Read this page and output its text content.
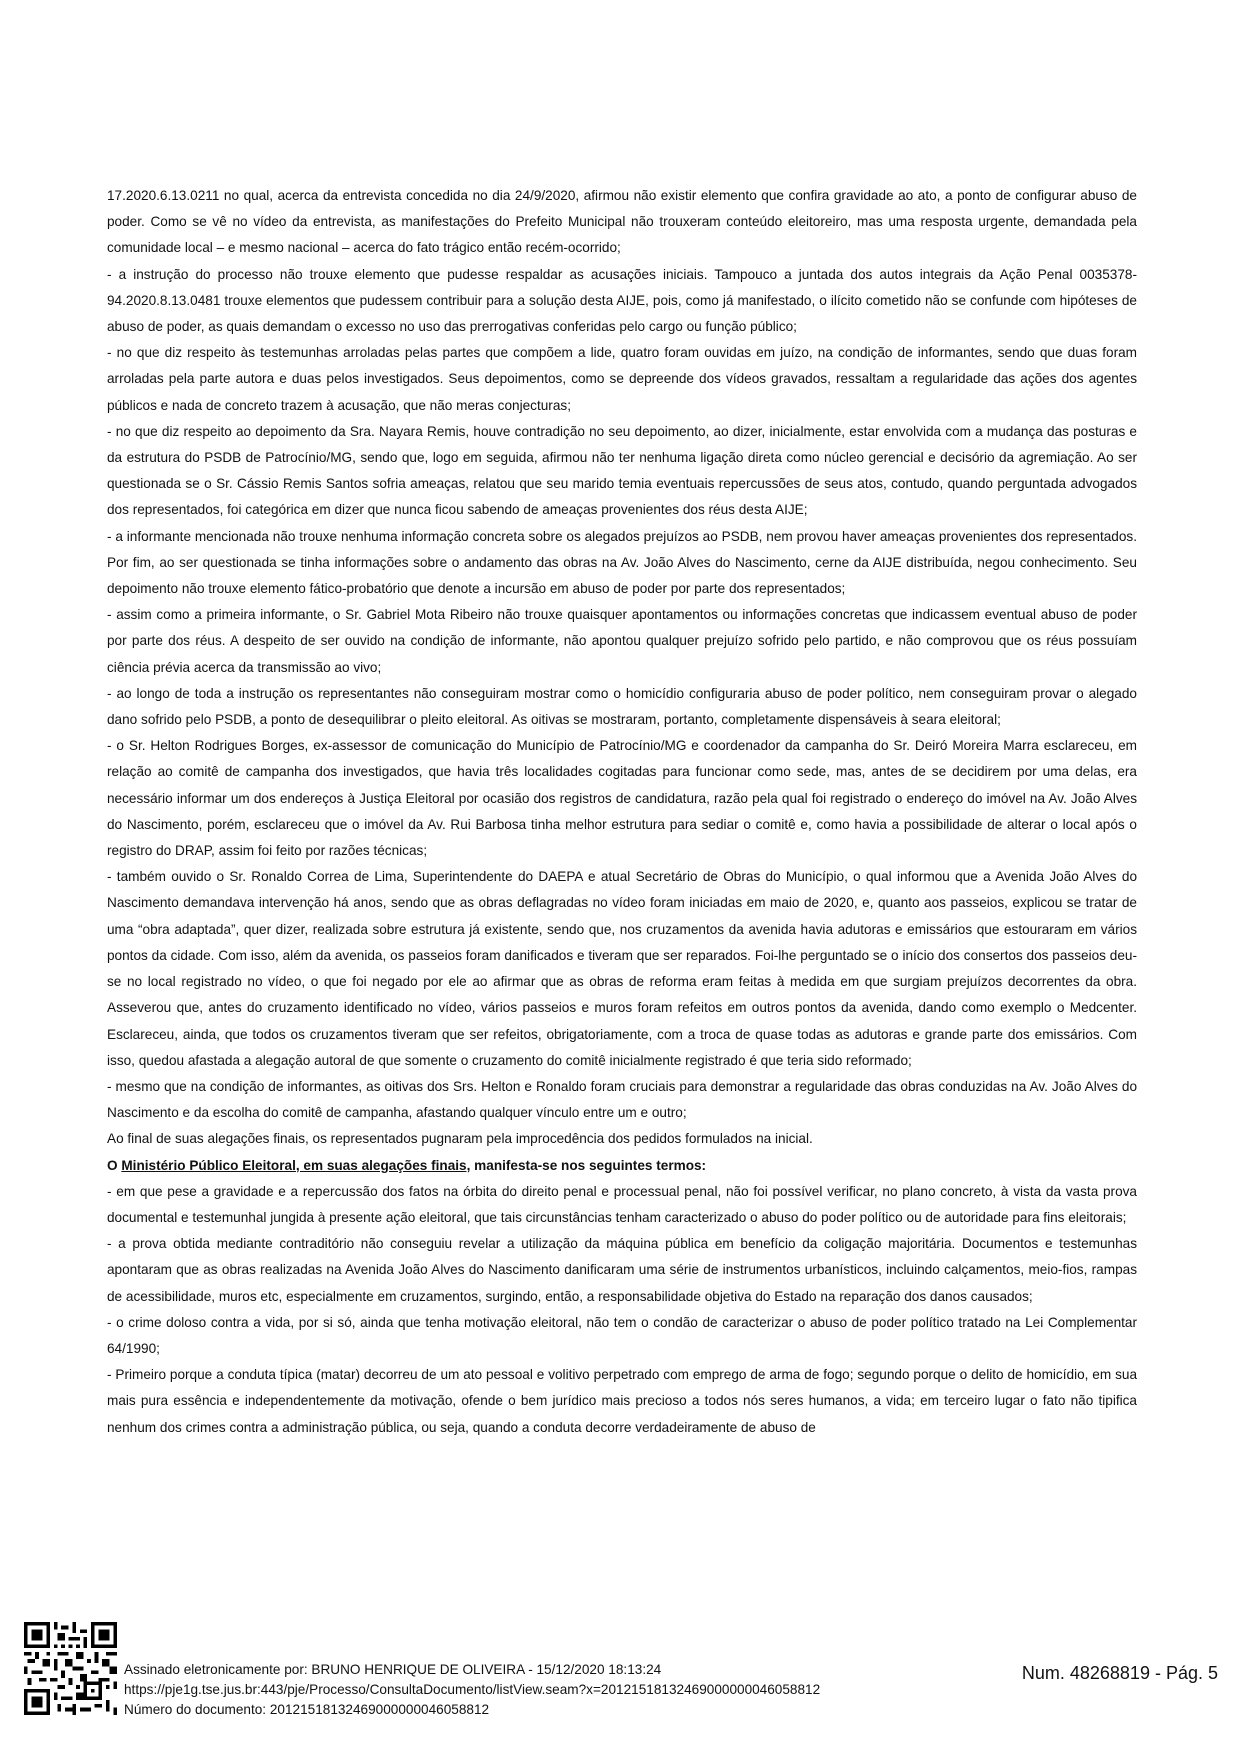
17.2020.6.13.0211 no qual, acerca da entrevista concedida no dia 24/9/2020, afirmou não existir elemento que confira gravidade ao ato, a ponto de configurar abuso de poder. Como se vê no vídeo da entrevista, as manifestações do Prefeito Municipal não trouxeram conteúdo eleitoreiro, mas uma resposta urgente, demandada pela comunidade local – e mesmo nacional – acerca do fato trágico então recém-ocorrido;

- a instrução do processo não trouxe elemento que pudesse respaldar as acusações iniciais. Tampouco a juntada dos autos integrais da Ação Penal 0035378-94.2020.8.13.0481 trouxe elementos que pudessem contribuir para a solução desta AIJE, pois, como já manifestado, o ilícito cometido não se confunde com hipóteses de abuso de poder, as quais demandam o excesso no uso das prerrogativas conferidas pelo cargo ou função público;

- no que diz respeito às testemunhas arroladas pelas partes que compõem a lide, quatro foram ouvidas em juízo, na condição de informantes, sendo que duas foram arroladas pela parte autora e duas pelos investigados. Seus depoimentos, como se depreende dos vídeos gravados, ressaltam a regularidade das ações dos agentes públicos e nada de concreto trazem à acusação, que não meras conjecturas;

- no que diz respeito ao depoimento da Sra. Nayara Remis, houve contradição no seu depoimento, ao dizer, inicialmente, estar envolvida com a mudança das posturas e da estrutura do PSDB de Patrocínio/MG, sendo que, logo em seguida, afirmou não ter nenhuma ligação direta como núcleo gerencial e decisório da agremiação. Ao ser questionada se o Sr. Cássio Remis Santos sofria ameaças, relatou que seu marido temia eventuais repercussões de seus atos, contudo, quando perguntada advogados dos representados, foi categórica em dizer que nunca ficou sabendo de ameaças provenientes dos réus desta AIJE;

- a informante mencionada não trouxe nenhuma informação concreta sobre os alegados prejuízos ao PSDB, nem provou haver ameaças provenientes dos representados. Por fim, ao ser questionada se tinha informações sobre o andamento das obras na Av. João Alves do Nascimento, cerne da AIJE distribuída, negou conhecimento. Seu depoimento não trouxe elemento fático-probatório que denote a incursão em abuso de poder por parte dos representados;

- assim como a primeira informante, o Sr. Gabriel Mota Ribeiro não trouxe quaisquer apontamentos ou informações concretas que indicassem eventual abuso de poder por parte dos réus. A despeito de ser ouvido na condição de informante, não apontou qualquer prejuízo sofrido pelo partido, e não comprovou que os réus possuíam ciência prévia acerca da transmissão ao vivo;

- ao longo de toda a instrução os representantes não conseguiram mostrar como o homicídio configuraria abuso de poder político, nem conseguiram provar o alegado dano sofrido pelo PSDB, a ponto de desequilibrar o pleito eleitoral. As oitivas se mostraram, portanto, completamente dispensáveis à seara eleitoral;

- o Sr. Helton Rodrigues Borges, ex-assessor de comunicação do Município de Patrocínio/MG e coordenador da campanha do Sr. Deiró Moreira Marra esclareceu, em relação ao comitê de campanha dos investigados, que havia três localidades cogitadas para funcionar como sede, mas, antes de se decidirem por uma delas, era necessário informar um dos endereços à Justiça Eleitoral por ocasião dos registros de candidatura, razão pela qual foi registrado o endereço do imóvel na Av. João Alves do Nascimento, porém, esclareceu que o imóvel da Av. Rui Barbosa tinha melhor estrutura para sediar o comitê e, como havia a possibilidade de alterar o local após o registro do DRAP, assim foi feito por razões técnicas;

- também ouvido o Sr. Ronaldo Correa de Lima, Superintendente do DAEPA e atual Secretário de Obras do Município, o qual informou que a Avenida João Alves do Nascimento demandava intervenção há anos, sendo que as obras deflagradas no vídeo foram iniciadas em maio de 2020, e, quanto aos passeios, explicou se tratar de uma “obra adaptada”, quer dizer, realizada sobre estrutura já existente, sendo que, nos cruzamentos da avenida havia adutoras e emissários que estouraram em vários pontos da cidade. Com isso, além da avenida, os passeios foram danificados e tiveram que ser reparados. Foi-lhe perguntado se o início dos consertos dos passeios deu-se no local registrado no vídeo, o que foi negado por ele ao afirmar que as obras de reforma eram feitas à medida em que surgiam prejuízos decorrentes da obra. Asseverou que, antes do cruzamento identificado no vídeo, vários passeios e muros foram refeitos em outros pontos da avenida, dando como exemplo o Medcenter. Esclareceu, ainda, que todos os cruzamentos tiveram que ser refeitos, obrigatoriamente, com a troca de quase todas as adutoras e grande parte dos emissários. Com isso, quedou afastada a alegação autoral de que somente o cruzamento do comitê inicialmente registrado é que teria sido reformado;

- mesmo que na condição de informantes, as oitivas dos Srs. Helton e Ronaldo foram cruciais para demonstrar a regularidade das obras conduzidas na Av. João Alves do Nascimento e da escolha do comitê de campanha, afastando qualquer vínculo entre um e outro;

Ao final de suas alegações finais, os representados pugnaram pela improcedência dos pedidos formulados na inicial.

O Ministério Público Eleitoral, em suas alegações finais, manifesta-se nos seguintes termos:

- em que pese a gravidade e a repercussão dos fatos na órbita do direito penal e processual penal, não foi possível verificar, no plano concreto, à vista da vasta prova documental e testemunhal jungida à presente ação eleitoral, que tais circunstâncias tenham caracterizado o abuso do poder político ou de autoridade para fins eleitorais;

- a prova obtida mediante contraditório não conseguiu revelar a utilização da máquina pública em benefício da coligação majoritária. Documentos e testemunhas apontaram que as obras realizadas na Avenida João Alves do Nascimento danificaram uma série de instrumentos urbanísticos, incluindo calçamentos, meio-fios, rampas de acessibilidade, muros etc, especialmente em cruzamentos, surgindo, então, a responsabilidade objetiva do Estado na reparação dos danos causados;

- o crime doloso contra a vida, por si só, ainda que tenha motivação eleitoral, não tem o condão de caracterizar o abuso de poder político tratado na Lei Complementar 64/1990;

- Primeiro porque a conduta típica (matar) decorreu de um ato pessoal e volitivo perpetrado com emprego de arma de fogo; segundo porque o delito de homicídio, em sua mais pura essência e independentemente da motivação, ofende o bem jurídico mais precioso a todos nós seres humanos, a vida; em terceiro lugar o fato não tipifica nenhum dos crimes contra a administração pública, ou seja, quando a conduta decorre verdadeiramente de abuso de

Assinado eletronicamente por: BRUNO HENRIQUE DE OLIVEIRA - 15/12/2020 18:13:24
https://pje1g.tse.jus.br:443/pje/Processo/ConsultaDocumento/listView.seam?x=20121518132469000000046058812
Número do documento: 20121518132469000000046058812
Num. 48268819 - Pág. 5
